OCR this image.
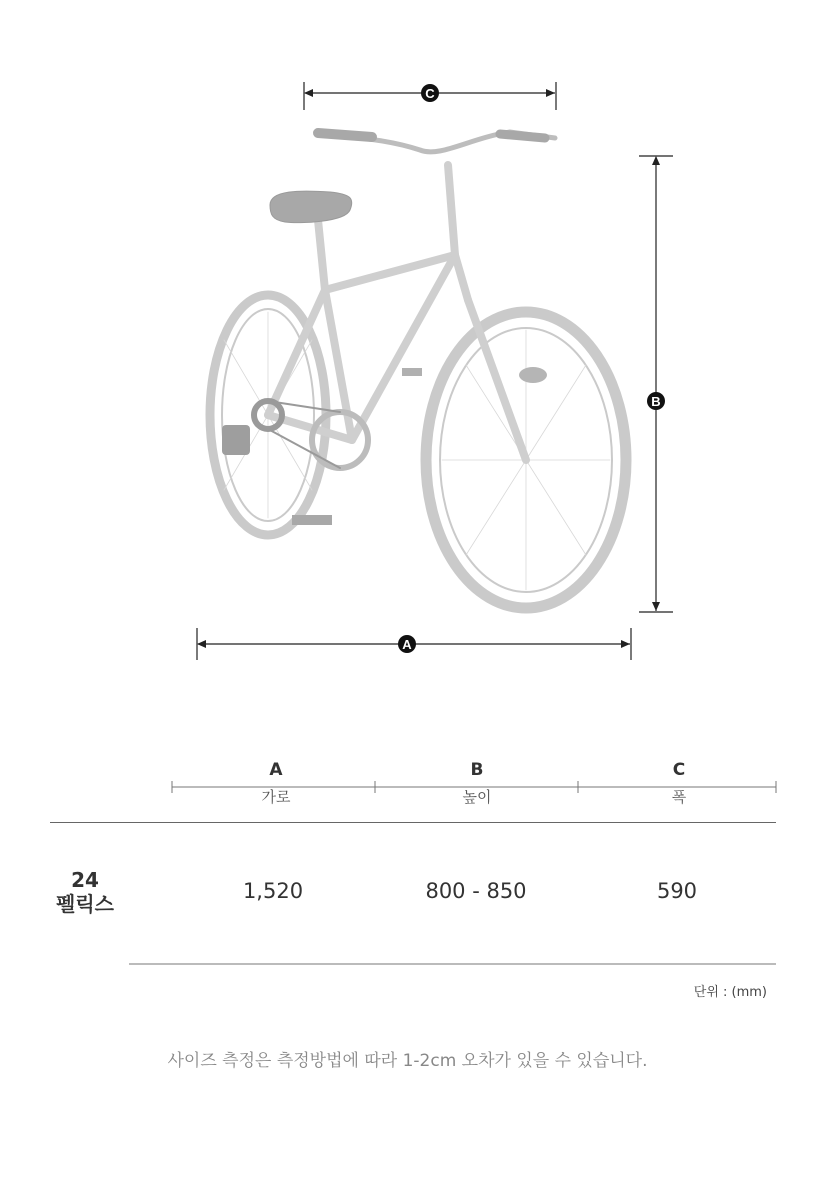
C
B
A
A
가로
B
높이
C
폭
24
펠릭스
1,520	800 - 850	590
단위 : (mm)
사이즈 측정은 측정방법에 따라 1-2cm 오차가 있을 수 있습니다.
